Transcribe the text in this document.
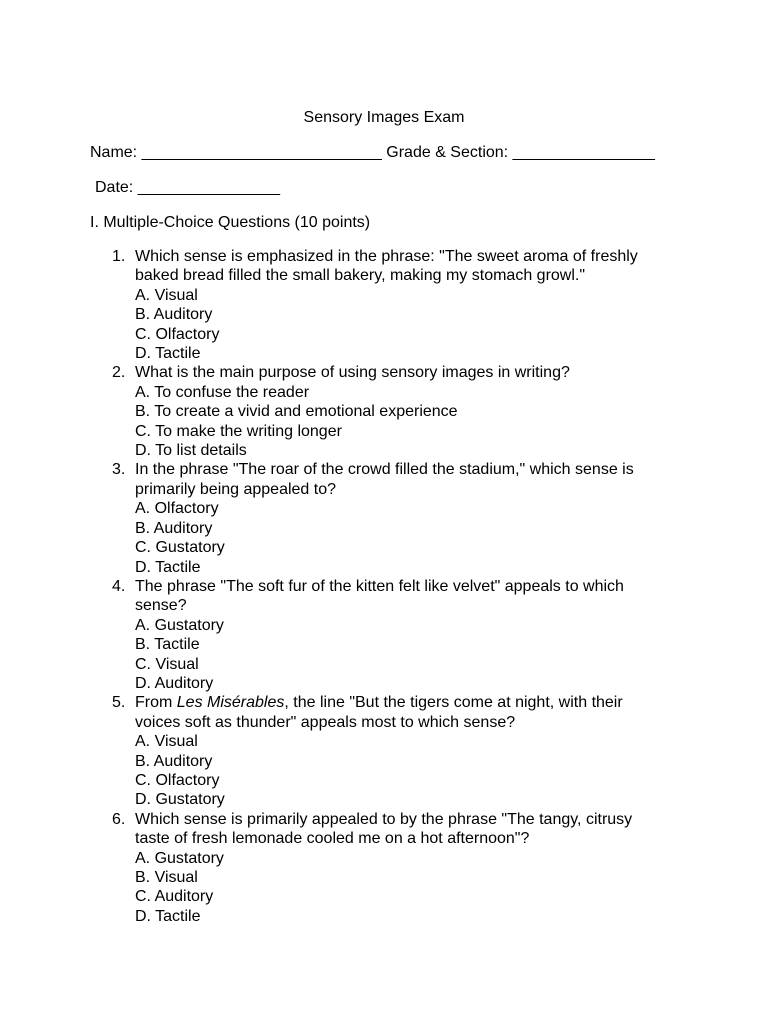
Sensory Images Exam
Name: ___________________________ Grade & Section: ________________
Date: ________________
I. Multiple-Choice Questions (10 points)
1. Which sense is emphasized in the phrase: "The sweet aroma of freshly baked bread filled the small bakery, making my stomach growl."
A. Visual
B. Auditory
C. Olfactory
D. Tactile
2. What is the main purpose of using sensory images in writing?
A. To confuse the reader
B. To create a vivid and emotional experience
C. To make the writing longer
D. To list details
3. In the phrase "The roar of the crowd filled the stadium," which sense is primarily being appealed to?
A. Olfactory
B. Auditory
C. Gustatory
D. Tactile
4. The phrase "The soft fur of the kitten felt like velvet" appeals to which sense?
A. Gustatory
B. Tactile
C. Visual
D. Auditory
5. From Les Misérables, the line "But the tigers come at night, with their voices soft as thunder" appeals most to which sense?
A. Visual
B. Auditory
C. Olfactory
D. Gustatory
6. Which sense is primarily appealed to by the phrase "The tangy, citrusy taste of fresh lemonade cooled me on a hot afternoon"?
A. Gustatory
B. Visual
C. Auditory
D. Tactile
